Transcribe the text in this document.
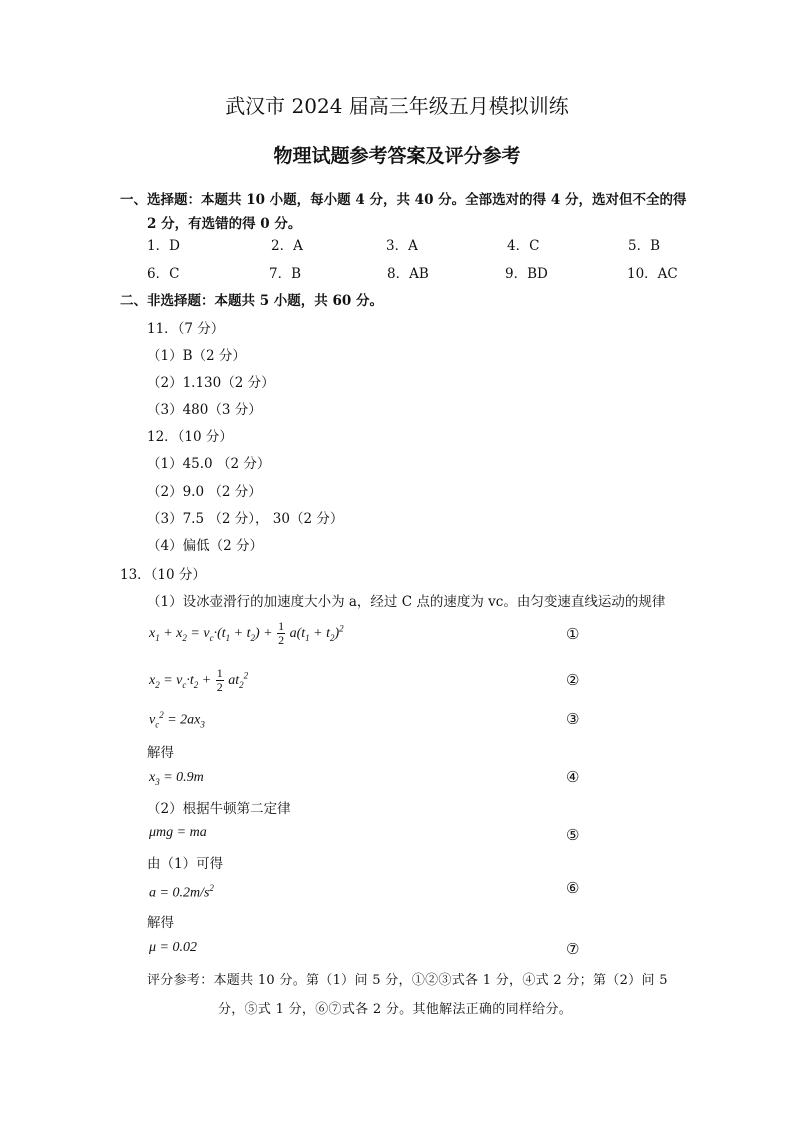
武汉市 2024 届高三年级五月模拟训练
物理试题参考答案及评分参考
一、选择题：本题共 10 小题，每小题 4 分，共 40 分。全部选对的得 4 分，选对但不全的得
2 分，有选错的得 0 分。
1．D	2．A	3．A	4．C	5．B
6．C	7．B	8．AB	9．BD	10．AC
二、非选择题：本题共 5 小题，共 60 分。
11．（7 分）
（1）B（2 分）
（2）1.130（2 分）
（3）480（3 分）
12．（10 分）
（1）45.0 （2 分）
（2）9.0 （2 分）
（3）7.5 （2 分）， 30（2 分）
（4）偏低（2 分）
13．（10 分）
（1）设冰壶滑行的加速度大小为 a，经过 C 点的速度为 vc。由匀变速直线运动的规律
$x_1 + x_2 = v_c\cdot(t_1 + t_2) + \frac{1}{2} a(t_1 + t_2)^2$	①
$x_2 = v_c\cdot t_2 + \frac{1}{2} at_2^2$	②
$v_c^2 = 2ax_3$	③
解得
$x_3 = 0.9m$	④
（2）根据牛顿第二定律
μmg = ma	⑤
由（1）可得
$a = 0.2m/s^2$	⑥
解得
μ = 0.02	⑦
评分参考：本题共 10 分。第（1）问 5 分，①②③式各 1 分，④式 2 分；第（2）问 5
分，⑤式 1 分，⑥⑦式各 2 分。其他解法正确的同样给分。
